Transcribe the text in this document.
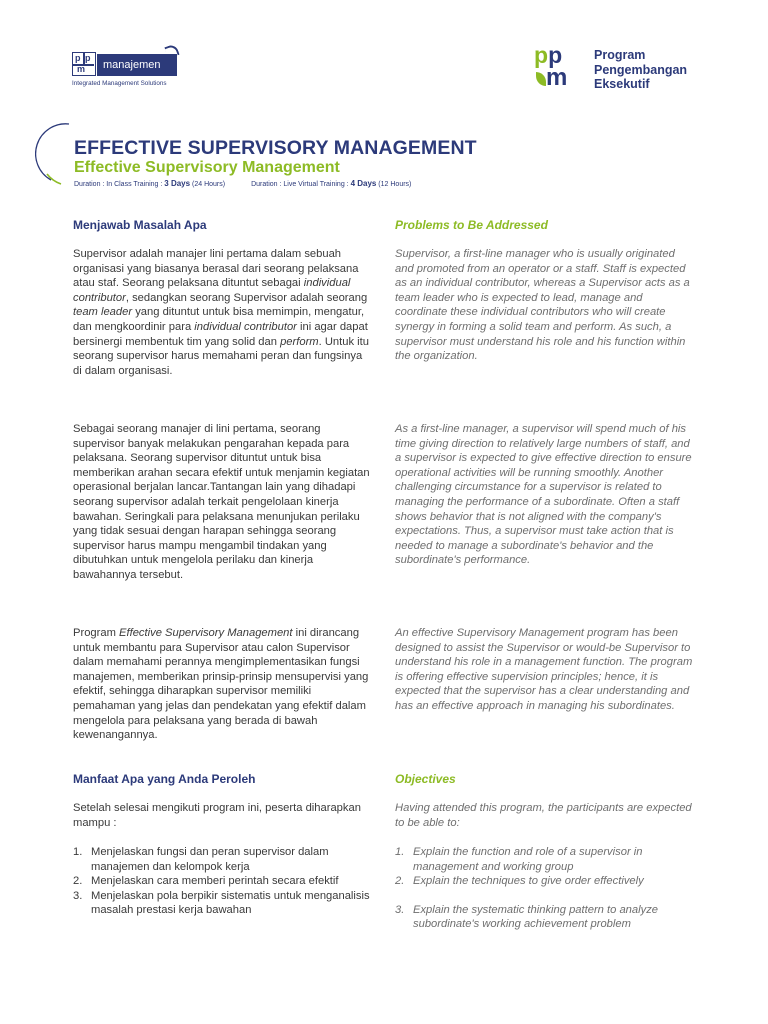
p p
m	manajemen
Integrated Management Solutions
pp
m
Program
Pengembangan
Eksekutif
EFFECTIVE SUPERVISORY MANAGEMENT
Effective Supervisory Management
Duration : In Class Training : 3 Days (24 Hours)	Duration : Live Virtual Training : 4 Days (12 Hours)
Menjawab Masalah Apa

Supervisor adalah manajer lini pertama dalam sebuah organisasi yang biasanya berasal dari seorang pelaksana atau staf. Seorang pelaksana dituntut sebagai individual contributor, sedangkan seorang Supervisor adalah seorang team leader yang dituntut untuk bisa memimpin, mengatur, dan mengkoordinir para individual contributor ini agar dapat bersinergi membentuk tim yang solid dan perform. Untuk itu seorang supervisor harus memahami peran dan fungsinya di dalam organisasi.

Sebagai seorang manajer di lini pertama, seorang supervisor banyak melakukan pengarahan kepada para pelaksana. Seorang supervisor dituntut untuk bisa memberikan arahan secara efektif untuk menjamin kegiatan operasional berjalan lancar.Tantangan lain yang dihadapi seorang supervisor adalah terkait pengelolaan kinerja bawahan. Seringkali para pelaksana menunjukan perilaku yang tidak sesuai dengan harapan sehingga seorang supervisor harus mampu mengambil tindakan yang dibutuhkan untuk mengelola perilaku dan kinerja bawahannya tersebut.

Program Effective Supervisory Management ini dirancang untuk membantu para Supervisor atau calon Supervisor dalam memahami perannya mengimplementasikan fungsi manajemen, memberikan prinsip-prinsip mensupervisi yang efektif, sehingga diharapkan supervisor memiliki pemahaman yang jelas dan pendekatan yang efektif dalam mengelola para pelaksana yang berada di bawah kewenangannya.

Manfaat Apa yang Anda Peroleh

Setelah selesai mengikuti program ini, peserta diharapkan mampu :

1. Menjelaskan fungsi dan peran supervisor dalam manajemen dan kelompok kerja
2. Menjelaskan cara memberi perintah secara efektif
3. Menjelaskan pola berpikir sistematis untuk menganalisis masalah prestasi kerja bawahan
Problems to Be Addressed

Supervisor, a first-line manager who is usually originated and promoted from an operator or a staff. Staff is expected as an individual contributor, whereas a Supervisor acts as a team leader who is expected to lead, manage and coordinate these individual contributors who will create synergy in forming a solid team and perform. As such, a supervisor must understand his role and his function within the organization.

As a first-line manager, a supervisor will spend much of his time giving direction to relatively large numbers of staff, and a supervisor is expected to give effective direction to ensure operational activities will be running smoothly. Another challenging circumstance for a supervisor is related to managing the performance of a subordinate. Often a staff shows behavior that is not aligned with the company's expectations. Thus, a supervisor must take action that is needed to manage a subordinate's behavior and the subordinate's performance.

An effective Supervisory Management program has been designed to assist the Supervisor or would-be Supervisor to understand his role in a management function. The program is offering effective supervision principles; hence, it is expected that the supervisor has a clear understanding and has an effective approach in managing his subordinates.

Objectives

Having attended this program, the participants are expected to be able to:

1. Explain the function and role of a supervisor in management and working group
2. Explain the techniques to give order effectively
3. Explain the systematic thinking pattern to analyze subordinate's working achievement problem
